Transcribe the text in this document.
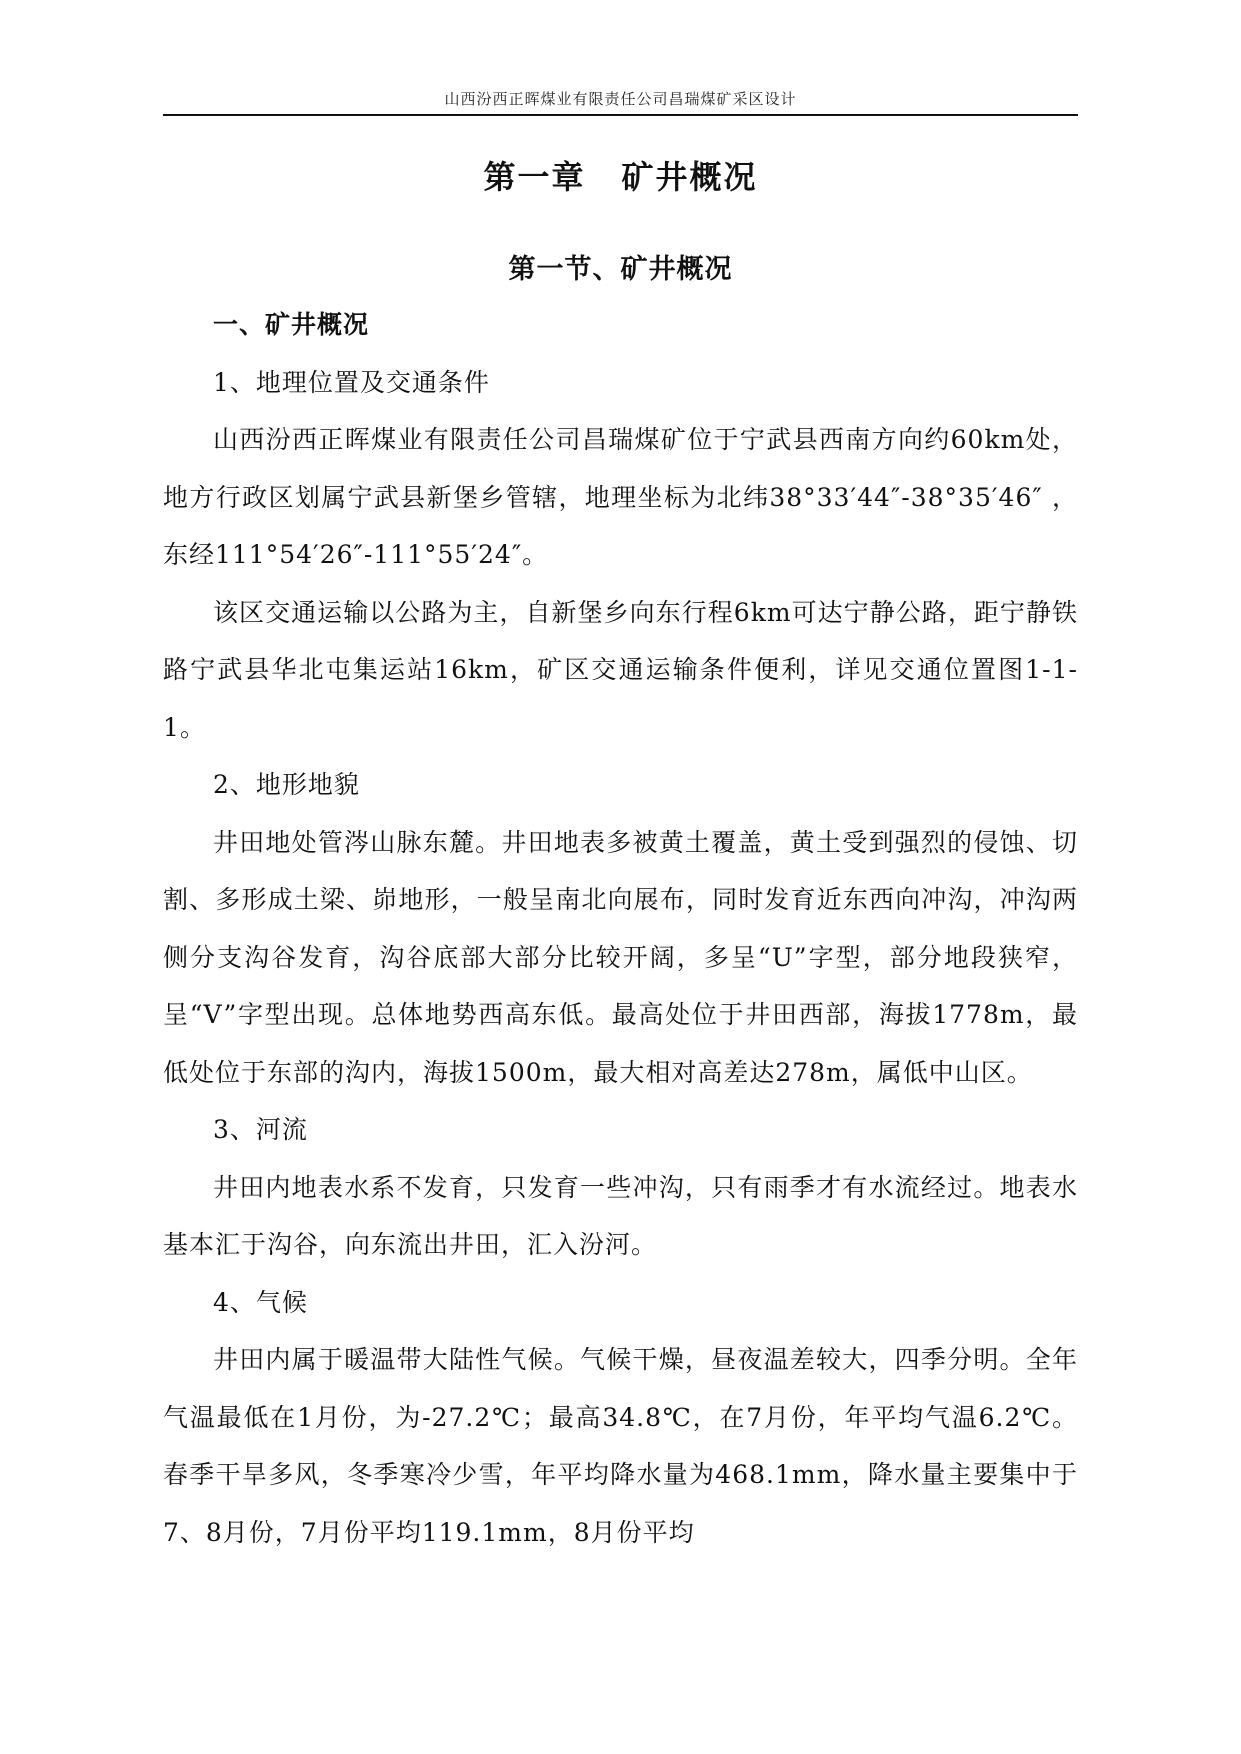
山西汾西正晖煤业有限责任公司昌瑞煤矿采区设计
第一章 矿井概况
第一节、矿井概况

一、矿井概况

1、地理位置及交通条件

山西汾西正晖煤业有限责任公司昌瑞煤矿位于宁武县西南方向约60km处，地方行政区划属宁武县新堡乡管辖，地理坐标为北纬38°33′44″-38°35′46″ ，东经111°54′26″-111°55′24″。

该区交通运输以公路为主，自新堡乡向东行程6km可达宁静公路，距宁静铁路宁武县华北屯集运站16km，矿区交通运输条件便利，详见交通位置图1-1-1。

2、地形地貌

井田地处管涔山脉东麓。井田地表多被黄土覆盖，黄土受到强烈的侵蚀、切割、多形成土梁、峁地形，一般呈南北向展布，同时发育近东西向冲沟，冲沟两侧分支沟谷发育，沟谷底部大部分比较开阔，多呈“U”字型，部分地段狭窄，呈“V”字型出现。总体地势西高东低。最高处位于井田西部，海拔1778m，最低处位于东部的沟内，海拔1500m，最大相对高差达278m，属低中山区。

3、河流

井田内地表水系不发育，只发育一些冲沟，只有雨季才有水流经过。地表水基本汇于沟谷，向东流出井田，汇入汾河。

4、气候

井田内属于暖温带大陆性气候。气候干燥，昼夜温差较大，四季分明。全年气温最低在1月份，为-27.2℃；最高34.8℃，在7月份，年平均气温6.2℃。春季干旱多风，冬季寒冷少雪，年平均降水量为468.1mm，降水量主要集中于7、8月份，7月份平均119.1mm，8月份平均
